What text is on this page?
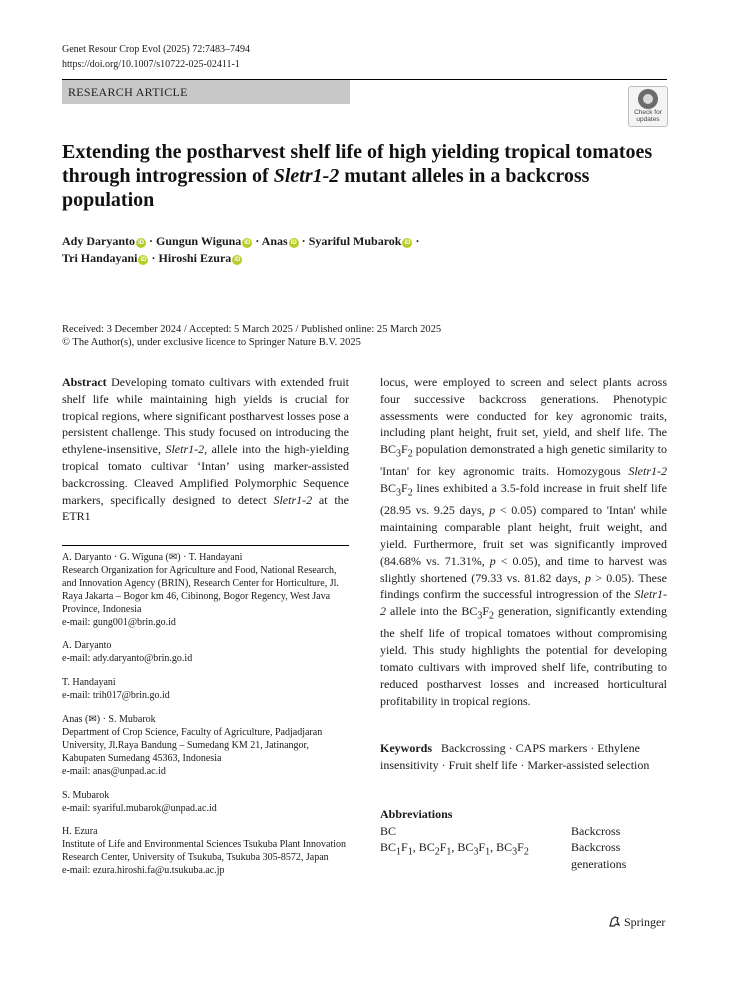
Genet Resour Crop Evol (2025) 72:7483–7494
https://doi.org/10.1007/s10722-025-02411-1
RESEARCH ARTICLE
Check for updates
Extending the postharvest shelf life of high yielding tropical tomatoes through introgression of Sletr1-2 mutant alleles in a backcross population
Ady Daryanto iD · Gungun Wiguna iD · Anas iD · Syariful Mubarok iD ·
Tri Handayani iD · Hiroshi Ezura iD
Received: 3 December 2024 / Accepted: 5 March 2025 / Published online: 25 March 2025
© The Author(s), under exclusive licence to Springer Nature B.V. 2025
Abstract Developing tomato cultivars with extended fruit shelf life while maintaining high yields is crucial for tropical regions, where significant postharvest losses pose a persistent challenge. This study focused on introducing the ethylene-insensitive, Sletr1-2, allele into the high-yielding tropical tomato cultivar ‘Intan’ using marker-assisted backcrossing. Cleaved Amplified Polymorphic Sequence markers, specifically designed to detect Sletr1-2 at the ETR1

A. Daryanto · G. Wiguna (✉) · T. Handayani
Research Organization for Agriculture and Food, National Research, and Innovation Agency (BRIN), Research Center for Horticulture, Jl. Raya Jakarta – Bogor km 46, Cibinong, Bogor Regency, West Java Province, Indonesia
e-mail: gung001@brin.go.id

A. Daryanto
e-mail: ady.daryanto@brin.go.id

T. Handayani
e-mail: trih017@brin.go.id

Anas (✉) · S. Mubarok
Department of Crop Science, Faculty of Agriculture, Padjadjaran University, Jl.Raya Bandung – Sumedang KM 21, Jatinangor, Kabupaten Sumedang 45363, Indonesia
e-mail: anas@unpad.ac.id

S. Mubarok
e-mail: syariful.mubarok@unpad.ac.id

H. Ezura
Institute of Life and Environmental Sciences Tsukuba Plant Innovation Research Center, University of Tsukuba, Tsukuba 305-8572, Japan
e-mail: ezura.hiroshi.fa@u.tsukuba.ac.jp

locus, were employed to screen and select plants across four successive backcross generations. Phenotypic assessments were conducted for key agronomic traits, including plant height, fruit set, yield, and shelf life. The $BC_3F_2$ population demonstrated a high genetic similarity to 'Intan' for key agronomic traits. Homozygous Sletr1-2 $BC_3F_2$ lines exhibited a 3.5-fold increase in fruit shelf life (28.95 vs. 9.25 days, p < 0.05) compared to 'Intan' while maintaining comparable plant height, fruit weight, and yield. Furthermore, fruit set was significantly improved (84.68% vs. 71.31%, p < 0.05), and time to harvest was slightly shortened (79.33 vs. 81.82 days, p > 0.05). These findings confirm the successful introgression of the Sletr1-2 allele into the $BC_3F_2$ generation, significantly extending the shelf life of tropical tomatoes without compromising yield. This study highlights the potential for developing tomato cultivars with improved shelf life, contributing to reduced postharvest losses and increased horticultural profitability in tropical regions.
Keywords Backcrossing · CAPS markers · Ethylene insensitivity · Fruit shelf life · Marker-assisted selection
Abbreviations
BC	Backcross
$BC_1F_1$, $BC_2F_1$, $BC_3F_1$, $BC_3F_2$	Backcross generations
Springer
